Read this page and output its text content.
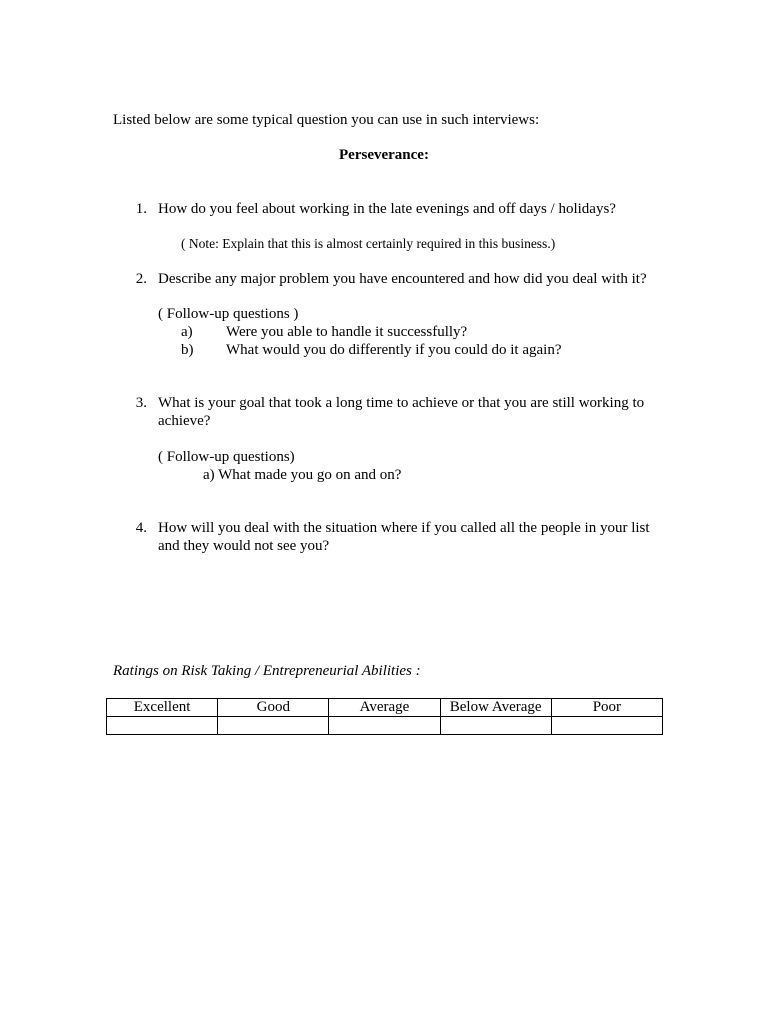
Listed below are some typical question you can use in such interviews:
Perseverance:
1. How do you feel about working in the late evenings and off days / holidays?
( Note: Explain that this is almost certainly required in this business.)
2. Describe any major problem you have encountered and how did you deal with it?
( Follow-up questions )
a) Were you able to handle it successfully?
b) What would you do differently if you could do it again?
3. What is your goal that took a long time to achieve or that you are still working to
achieve?
( Follow-up questions)
a) What made you go on and on?
4. How will you deal with the situation where if you called all the people in your list
and they would not see you?
Ratings on Risk Taking / Entrepreneurial Abilities :
Excellent	Good	Average	Below Average	Poor
